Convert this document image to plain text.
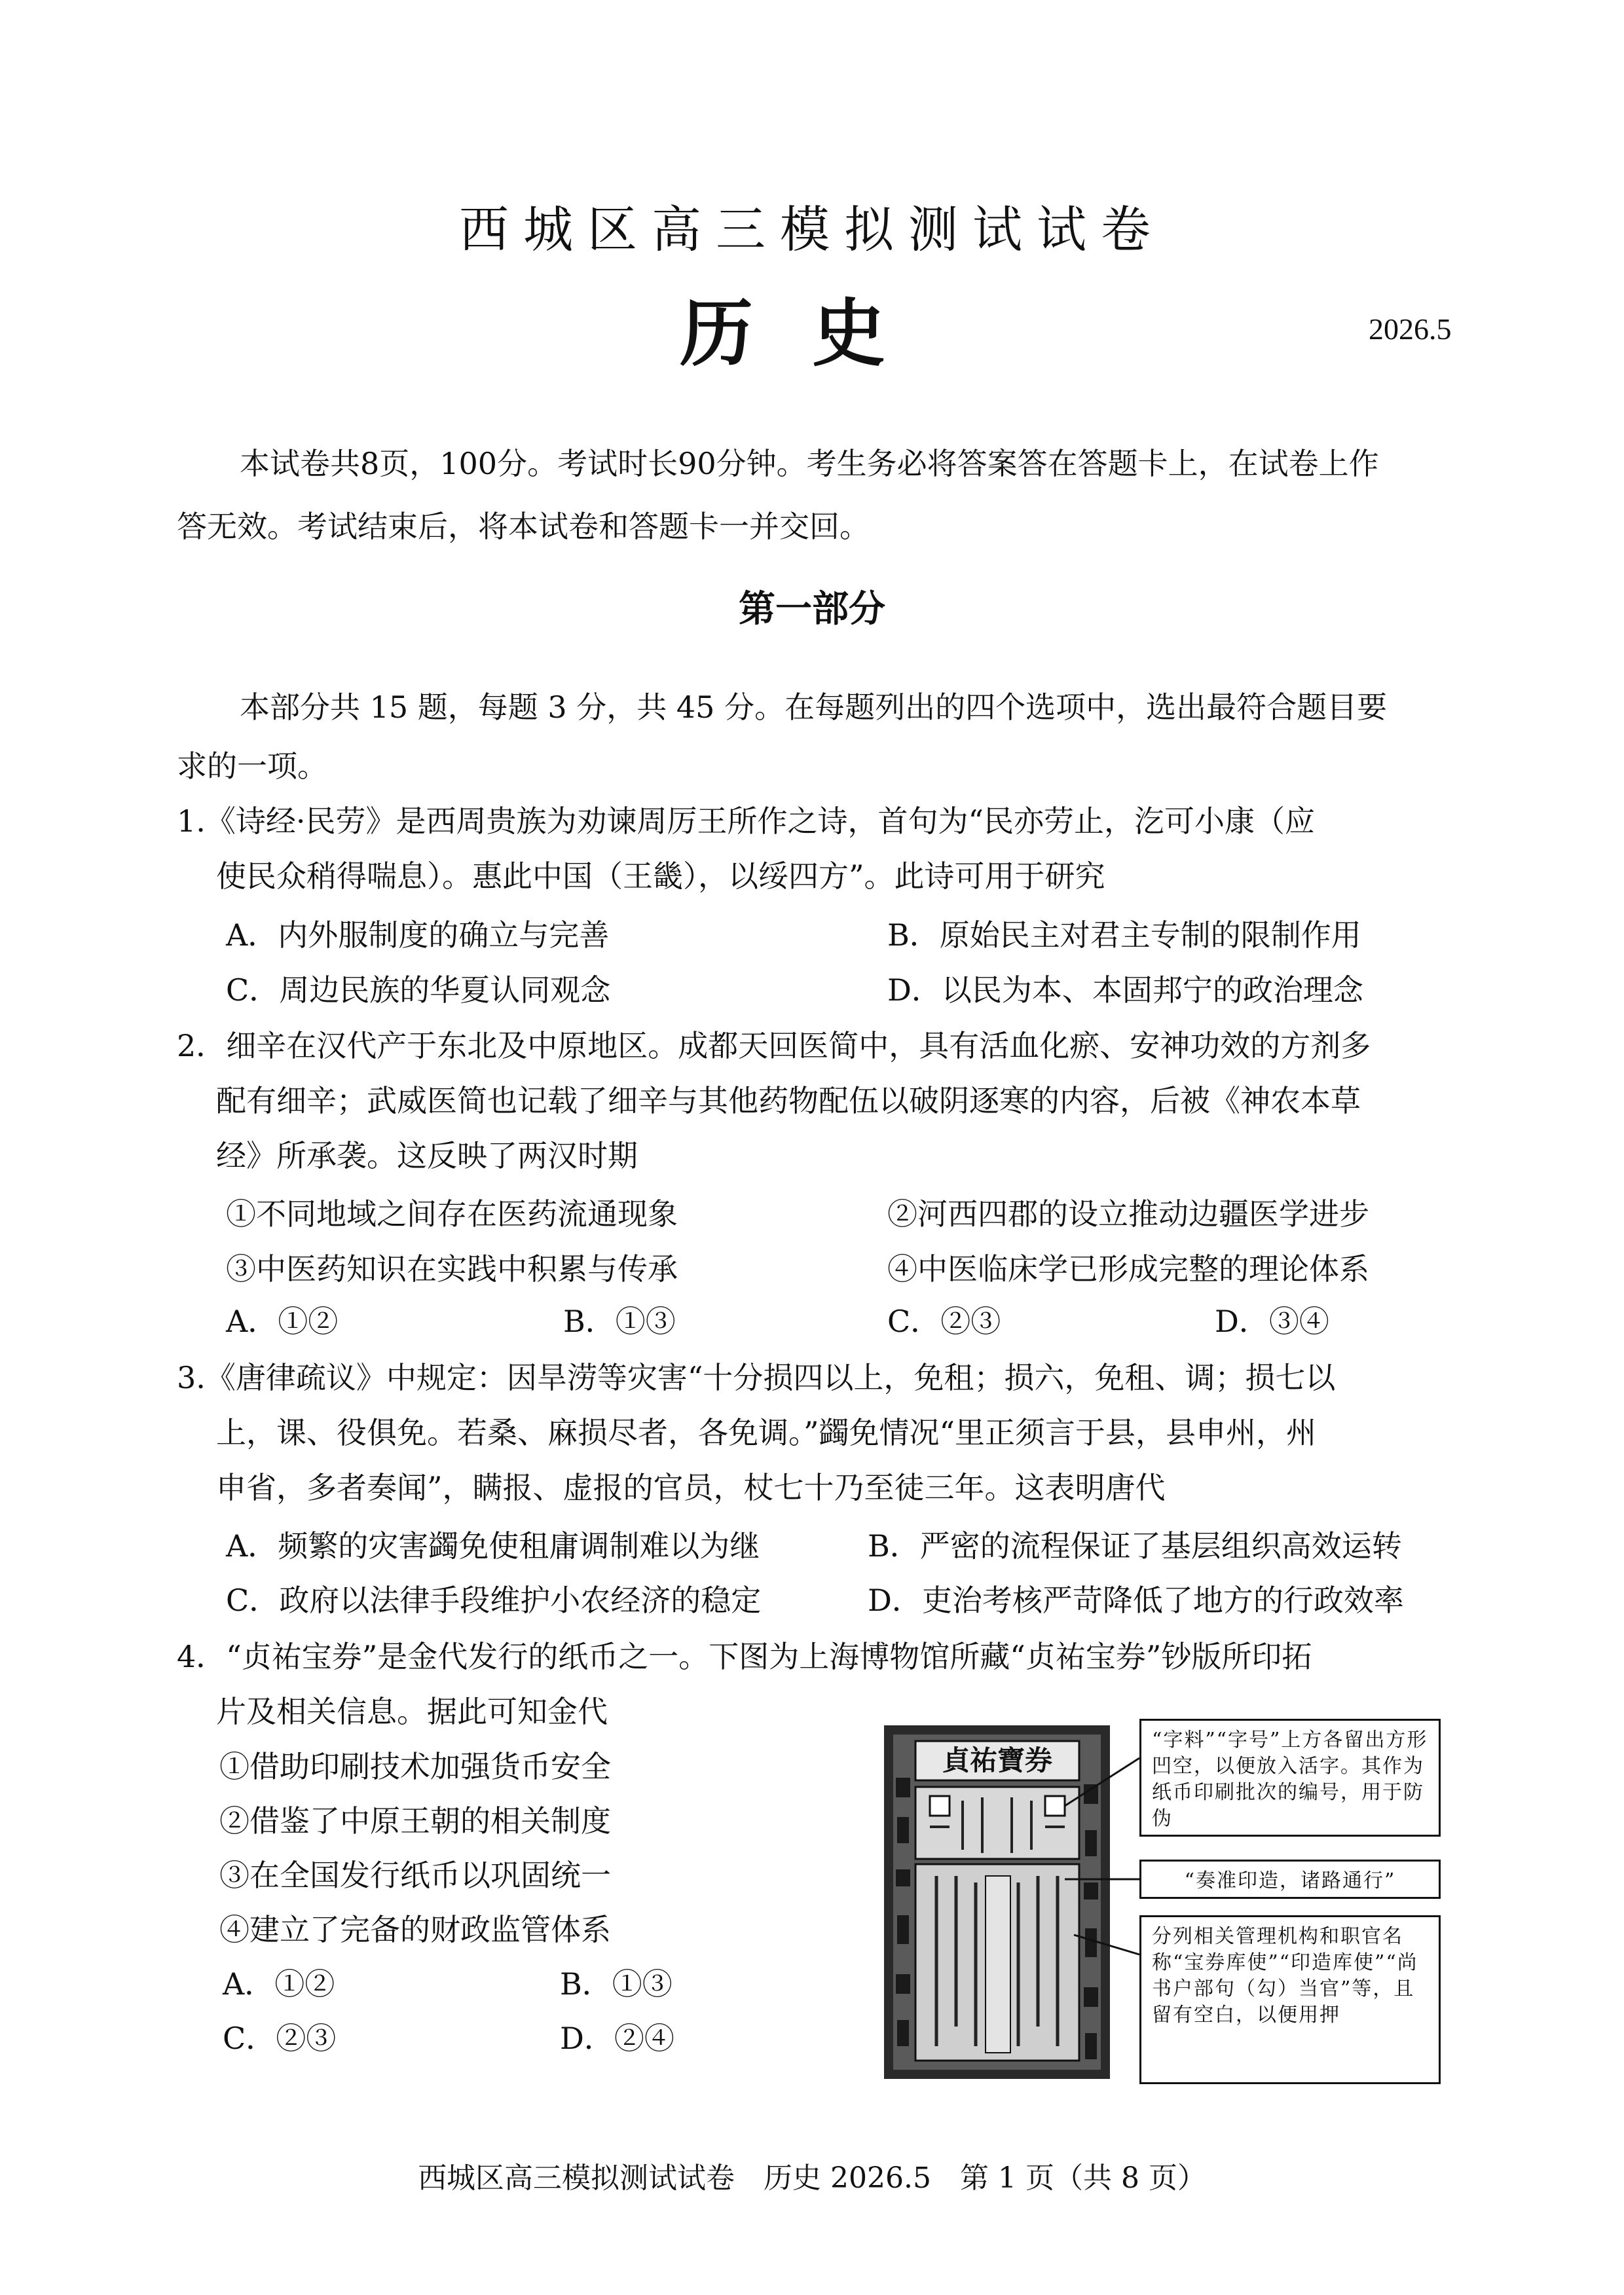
西城区高三模拟测试试卷
历史	2026.5
本试卷共8页，100分。考试时长90分钟。考生务必将答案答在答题卡上，在试卷上作
答无效。考试结束后，将本试卷和答题卡一并交回。
第一部分
本部分共 15 题，每题 3 分，共 45 分。在每题列出的四个选项中，选出最符合题目要
求的一项。
1.《诗经·民劳》是西周贵族为劝谏周厉王所作之诗，首句为“民亦劳止，汔可小康（应
使民众稍得喘息）。惠此中国（王畿），以绥四方”。此诗可用于研究
A．内外服制度的确立与完善	B．原始民主对君主专制的限制作用
C．周边民族的华夏认同观念	D．以民为本、本固邦宁的政治理念
2．细辛在汉代产于东北及中原地区。成都天回医简中，具有活血化瘀、安神功效的方剂多
配有细辛；武威医简也记载了细辛与其他药物配伍以破阴逐寒的内容，后被《神农本草
经》所承袭。这反映了两汉时期
①不同地域之间存在医药流通现象	②河西四郡的设立推动边疆医学进步
③中医药知识在实践中积累与传承	④中医临床学已形成完整的理论体系
A．①②	B．①③	C．②③	D．③④
3.《唐律疏议》中规定：因旱涝等灾害“十分损四以上，免租；损六，免租、调；损七以
上，课、役俱免。若桑、麻损尽者，各免调。”蠲免情况“里正须言于县，县申州，州
申省，多者奏闻”，瞒报、虚报的官员，杖七十乃至徒三年。这表明唐代
A．频繁的灾害蠲免使租庸调制难以为继	B．严密的流程保证了基层组织高效运转
C．政府以法律手段维护小农经济的稳定	D．吏治考核严苛降低了地方的行政效率
4．“贞祐宝券”是金代发行的纸币之一。下图为上海博物馆所藏“贞祐宝券”钞版所印拓
片及相关信息。据此可知金代
①借助印刷技术加强货币安全
②借鉴了中原王朝的相关制度
③在全国发行纸币以巩固统一
④建立了完备的财政监管体系
A．①②	B．①③
C．②③	D．②④
貞祐寶券
“字料”“字号”上方各留出方形凹空，以便放入活字。其作为纸币印刷批次的编号，用于防伪
“奏准印造，诸路通行”
分列相关管理机构和职官名称“宝券库使”“印造库使”“尚书户部句（勾）当官”等，且留有空白，以便用押
西城区高三模拟测试试卷　历史 2026.5　第 1 页（共 8 页）
